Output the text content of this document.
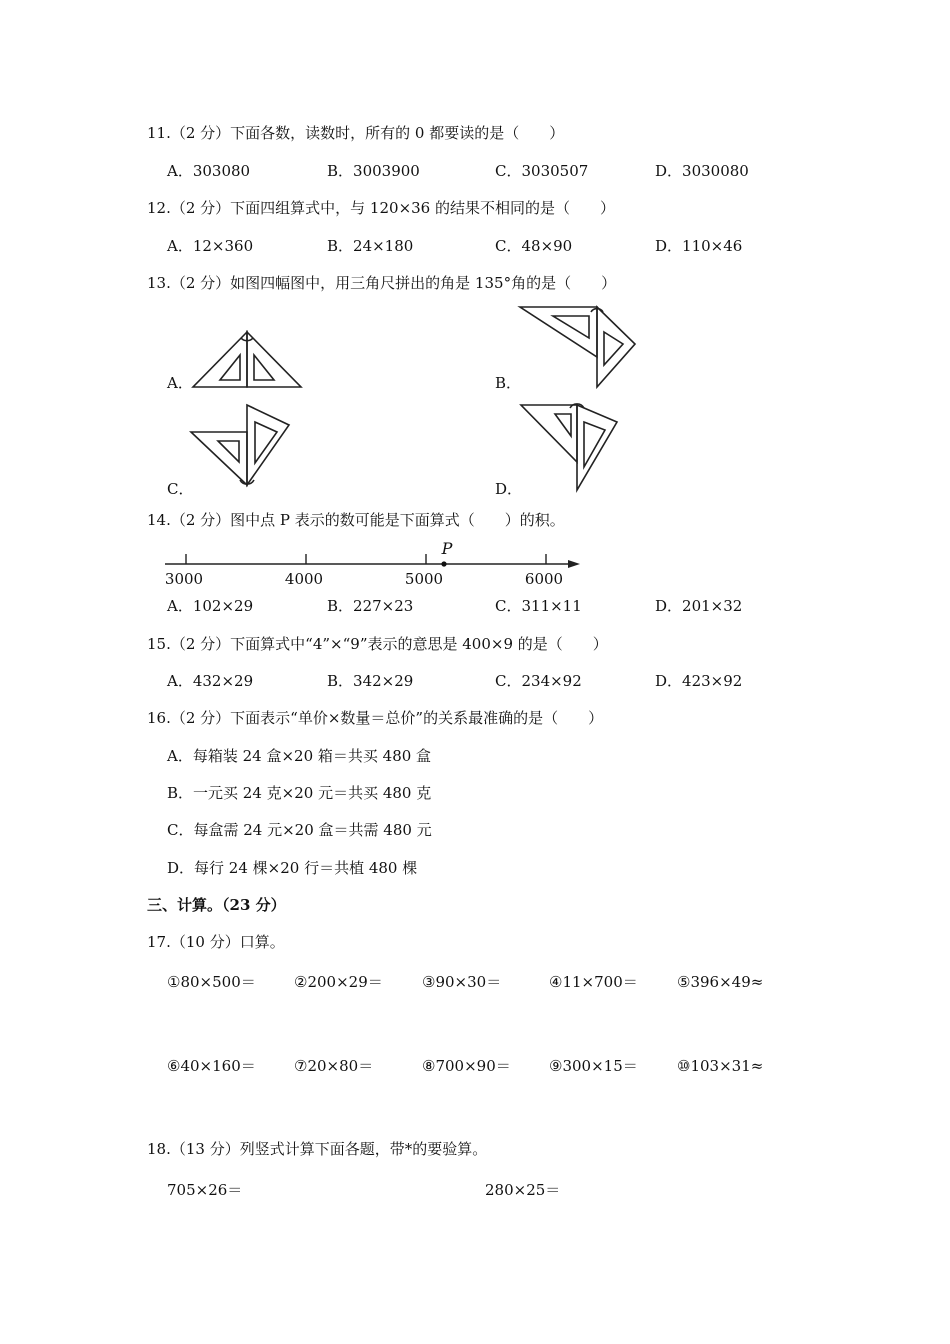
11.（2 分）下面各数，读数时，所有的 0 都要读的是（　　）
A．303080	B．3003900	C．3030507	D．3030080
12.（2 分）下面四组算式中，与 120×36 的结果不相同的是（　　）
A．12×360	B．24×180	C．48×90	D．110×46
13.（2 分）如图四幅图中，用三角尺拼出的角是 135°角的是（　　）
A．	B．
C．	D．
14.（2 分）图中点 P 表示的数可能是下面算式（　　）的积。
3000	4000	5000	6000
P
A．102×29	B．227×23	C．311×11	D．201×32
15.（2 分）下面算式中“4”×“9”表示的意思是 400×9 的是（　　）
A．432×29	B．342×29	C．234×92	D．423×92
16.（2 分）下面表示“单价×数量＝总价”的关系最准确的是（　　）
A．每箱装 24 盒×20 箱＝共买 480 盒
B．一元买 24 克×20 元＝共买 480 克
C．每盒需 24 元×20 盒＝共需 480 元
D．每行 24 棵×20 行＝共植 480 棵
三、计算。（23 分）
17.（10 分）口算。
①80×500＝	②200×29＝	③90×30＝	④11×700＝	⑤396×49≈
⑥40×160＝	⑦20×80＝	⑧700×90＝	⑨300×15＝	⑩103×31≈
18.（13 分）列竖式计算下面各题，带*的要验算。
705×26＝	280×25＝
